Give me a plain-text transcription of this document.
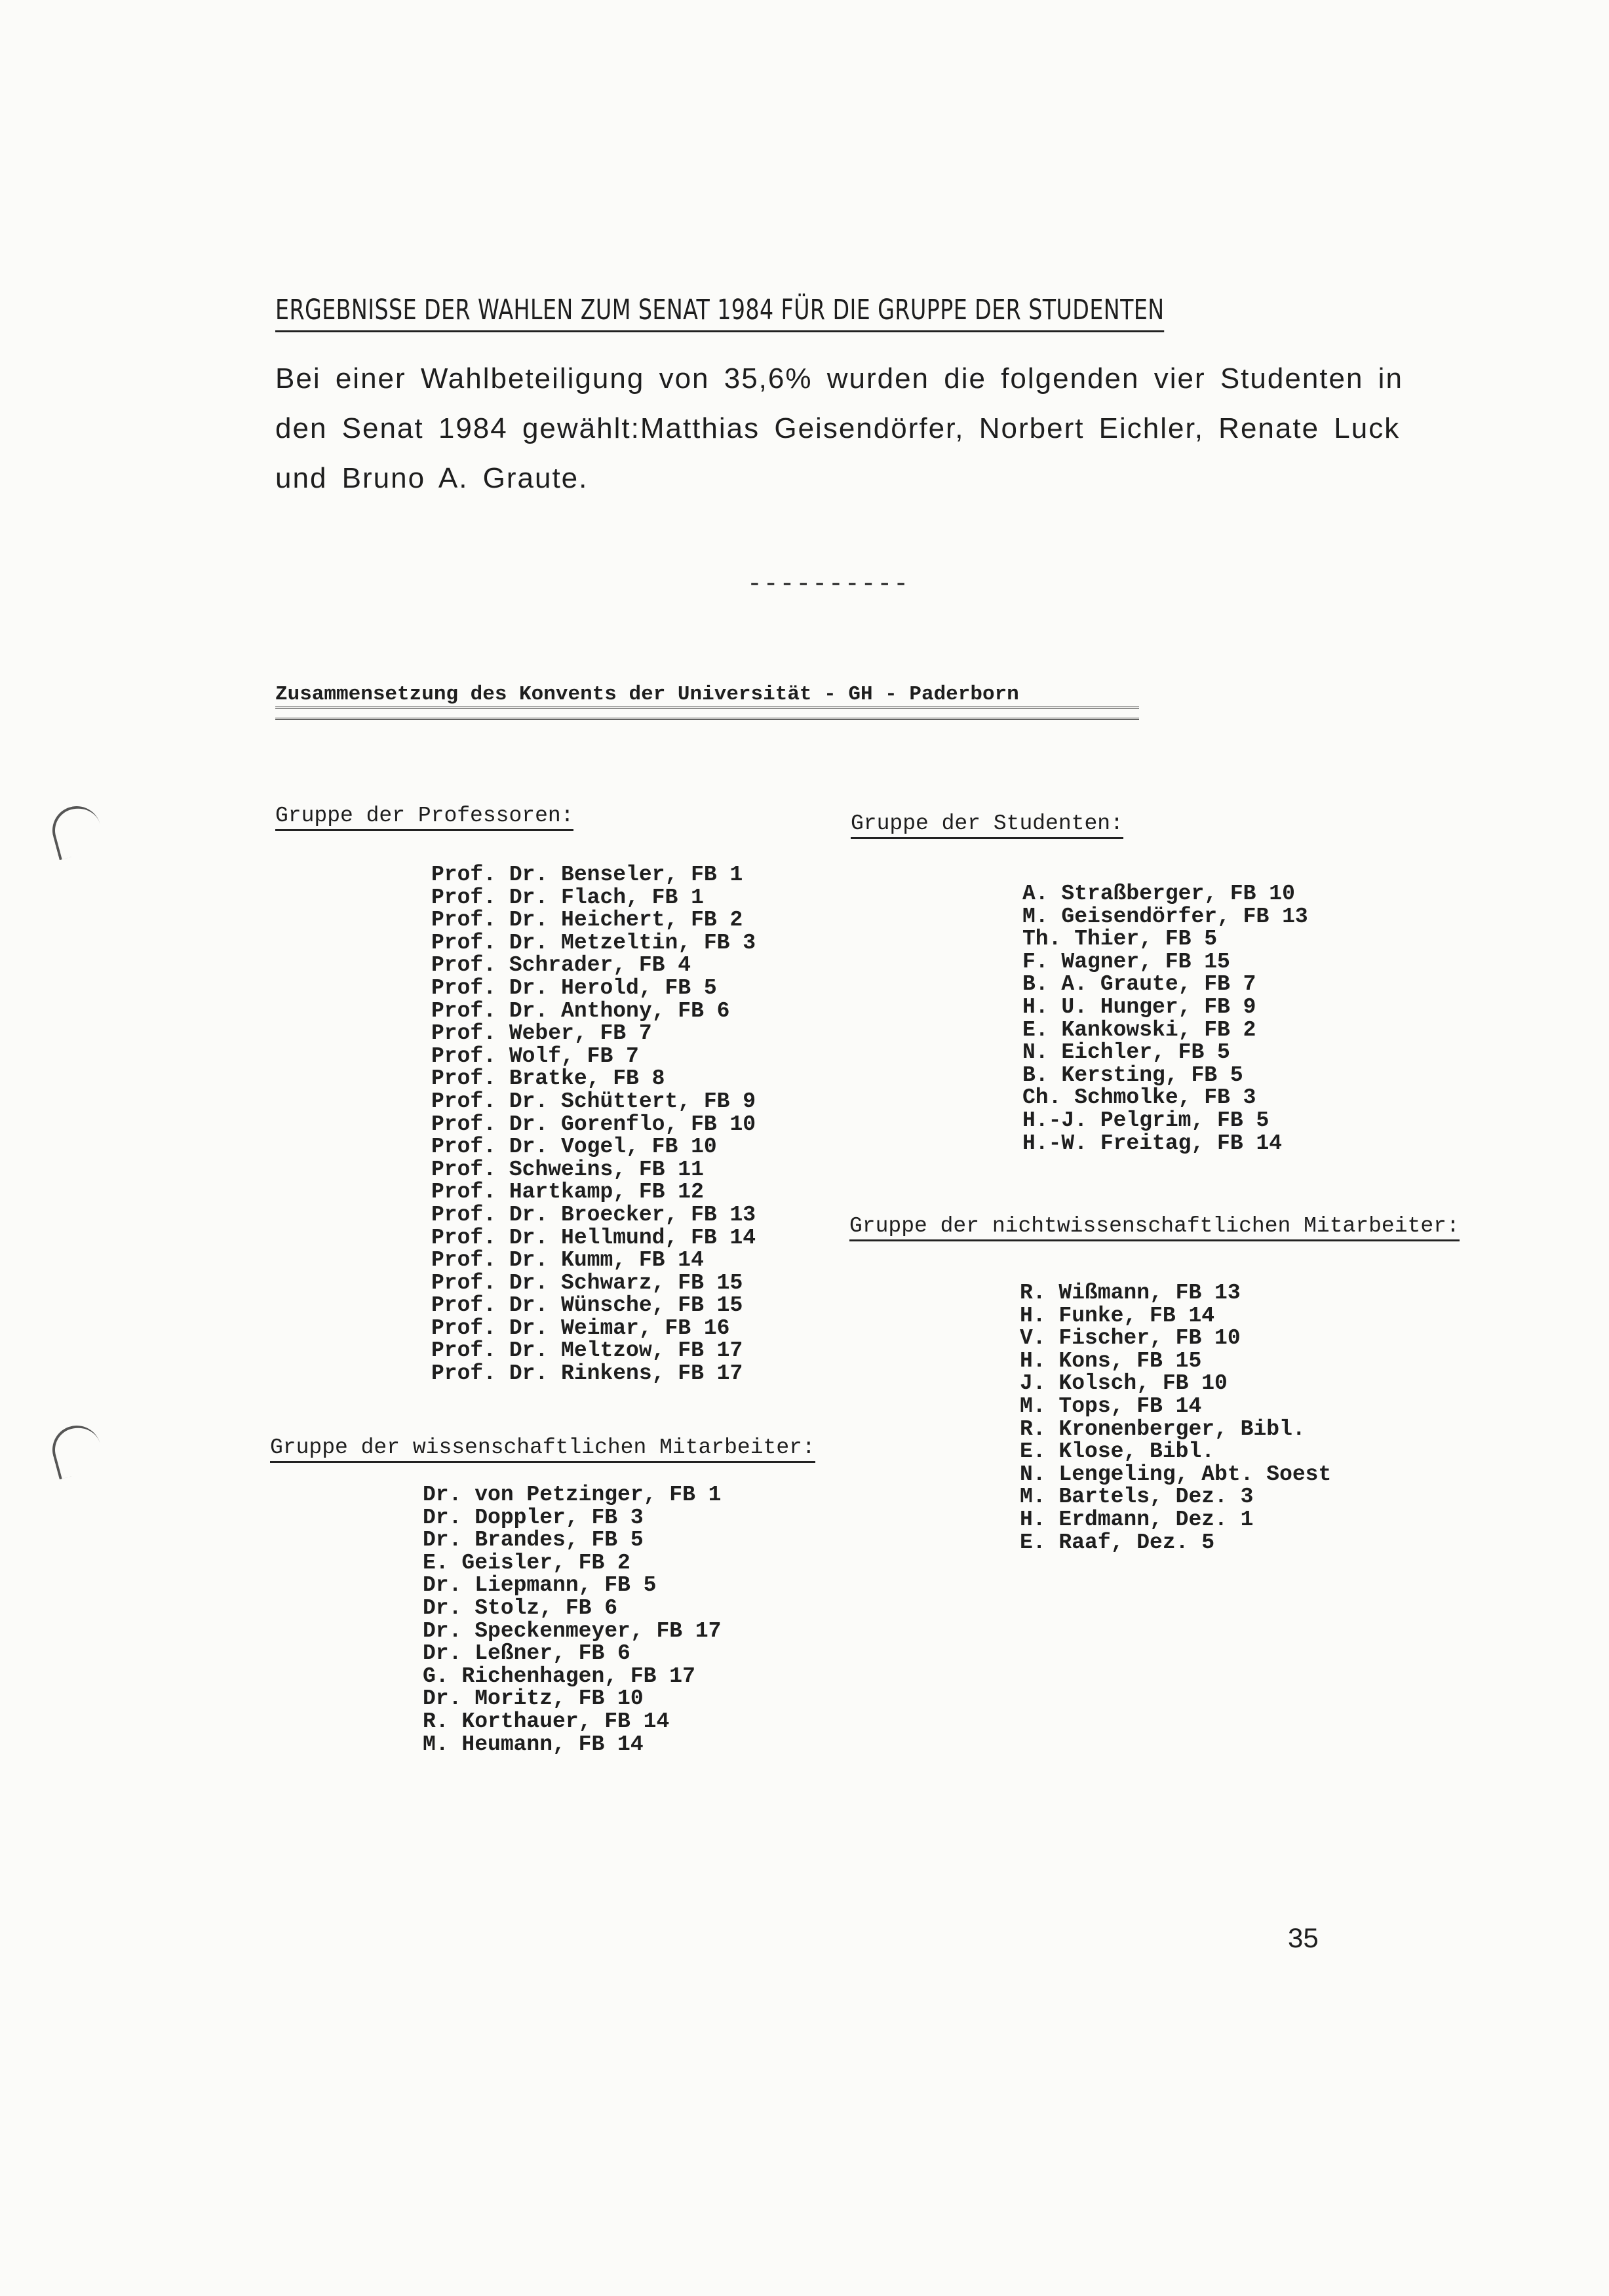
ERGEBNISSE DER WAHLEN ZUM SENAT 1984 FÜR DIE GRUPPE DER STUDENTEN

Bei einer Wahlbeteiligung von 35,6% wurden die folgenden vier Studenten in den Senat 1984 gewählt:Matthias Geisendörfer, Norbert Eichler, Renate Luck und Bruno A. Graute.

----------
Zusammensetzung des Konvents der Universität - GH - Paderborn
Gruppe der Professoren:
Prof. Dr. Benseler, FB 1
Prof. Dr. Flach, FB 1
Prof. Dr. Heichert, FB 2
Prof. Dr. Metzeltin, FB 3
Prof. Schrader, FB 4
Prof. Dr. Herold, FB 5
Prof. Dr. Anthony, FB 6
Prof. Weber, FB 7
Prof. Wolf, FB 7
Prof. Bratke, FB 8
Prof. Dr. Schüttert, FB 9
Prof. Dr. Gorenflo, FB 10
Prof. Dr. Vogel, FB 10
Prof. Schweins, FB 11
Prof. Hartkamp, FB 12
Prof. Dr. Broecker, FB 13
Prof. Dr. Hellmund, FB 14
Prof. Dr. Kumm, FB 14
Prof. Dr. Schwarz, FB 15
Prof. Dr. Wünsche, FB 15
Prof. Dr. Weimar, FB 16
Prof. Dr. Meltzow, FB 17
Prof. Dr. Rinkens, FB 17
Gruppe der wissenschaftlichen Mitarbeiter:
Dr. von Petzinger, FB 1
Dr. Doppler, FB 3
Dr. Brandes, FB 5
E. Geisler, FB 2
Dr. Liepmann, FB 5
Dr. Stolz, FB 6
Dr. Speckenmeyer, FB 17
Dr. Leßner, FB 6
G. Richenhagen, FB 17
Dr. Moritz, FB 10
R. Korthauer, FB 14
M. Heumann, FB 14
Gruppe der Studenten:
A. Straßberger, FB 10
M. Geisendörfer, FB 13
Th. Thier, FB 5
F. Wagner, FB 15
B. A. Graute, FB 7
H. U. Hunger, FB 9
E. Kankowski, FB 2
N. Eichler, FB 5
B. Kersting, FB 5
Ch. Schmolke, FB 3
H.-J. Pelgrim, FB 5
H.-W. Freitag, FB 14
Gruppe der nichtwissenschaftlichen Mitarbeiter:
R. Wißmann, FB 13
H. Funke, FB 14
V. Fischer, FB 10
H. Kons, FB 15
J. Kolsch, FB 10
M. Tops, FB 14
R. Kronenberger, Bibl.
E. Klose, Bibl.
N. Lengeling, Abt. Soest
M. Bartels, Dez. 3
H. Erdmann, Dez. 1
E. Raaf, Dez. 5
35
